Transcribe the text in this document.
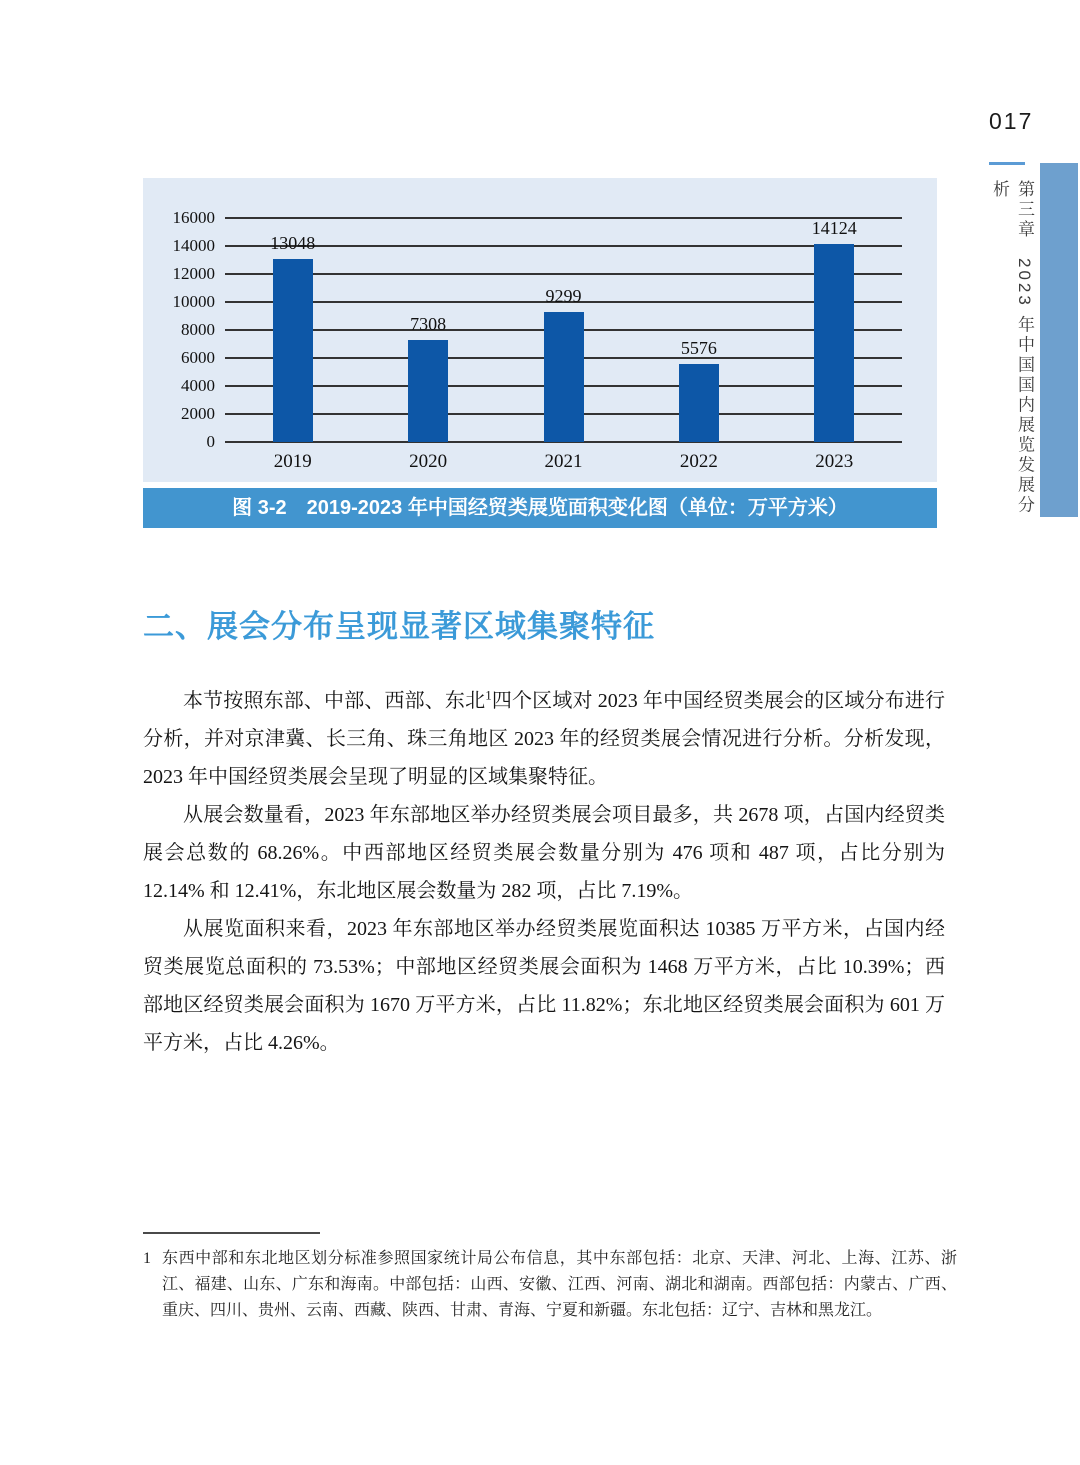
0
2000
4000
6000
8000
10000
12000
14000
16000
13048
2019
7308
2020
9299
2021
5576
2022
14124
2023
图 3-2　2019-2023 年中国经贸类展览面积变化图（单位：万平方米）
二、展会分布呈现显著区域集聚特征

本节按照东部、中部、西部、东北$^1$四个区域对 2023 年中国经贸类展会的区域分布进行分析，并对京津冀、长三角、珠三角地区 2023 年的经贸类展会情况进行分析。分析发现，2023 年中国经贸类展会呈现了明显的区域集聚特征。

从展会数量看，2023 年东部地区举办经贸类展会项目最多，共 2678 项，占国内经贸类展会总数的 68.26%。中西部地区经贸类展会数量分别为 476 项和 487 项，占比分别为 12.14% 和 12.41%，东北地区展会数量为 282 项，占比 7.19%。

从展览面积来看，2023 年东部地区举办经贸类展览面积达 10385 万平方米，占国内经贸类展览总面积的 73.53%；中部地区经贸类展会面积为 1468 万平方米，占比 10.39%；西部地区经贸类展会面积为 1670 万平方米，占比 11.82%；东北地区经贸类展会面积为 601 万平方米，占比 4.26%。

1 东西中部和东北地区划分标准参照国家统计局公布信息，其中东部包括：北京、天津、河北、上海、江苏、浙江、福建、山东、广东和海南。中部包括：山西、安徽、江西、河南、湖北和湖南。西部包括：内蒙古、广西、重庆、四川、贵州、云南、西藏、陕西、甘肃、青海、宁夏和新疆。东北包括：辽宁、吉林和黑龙江。
017
第三章2023 年中国国内展览发展分析
